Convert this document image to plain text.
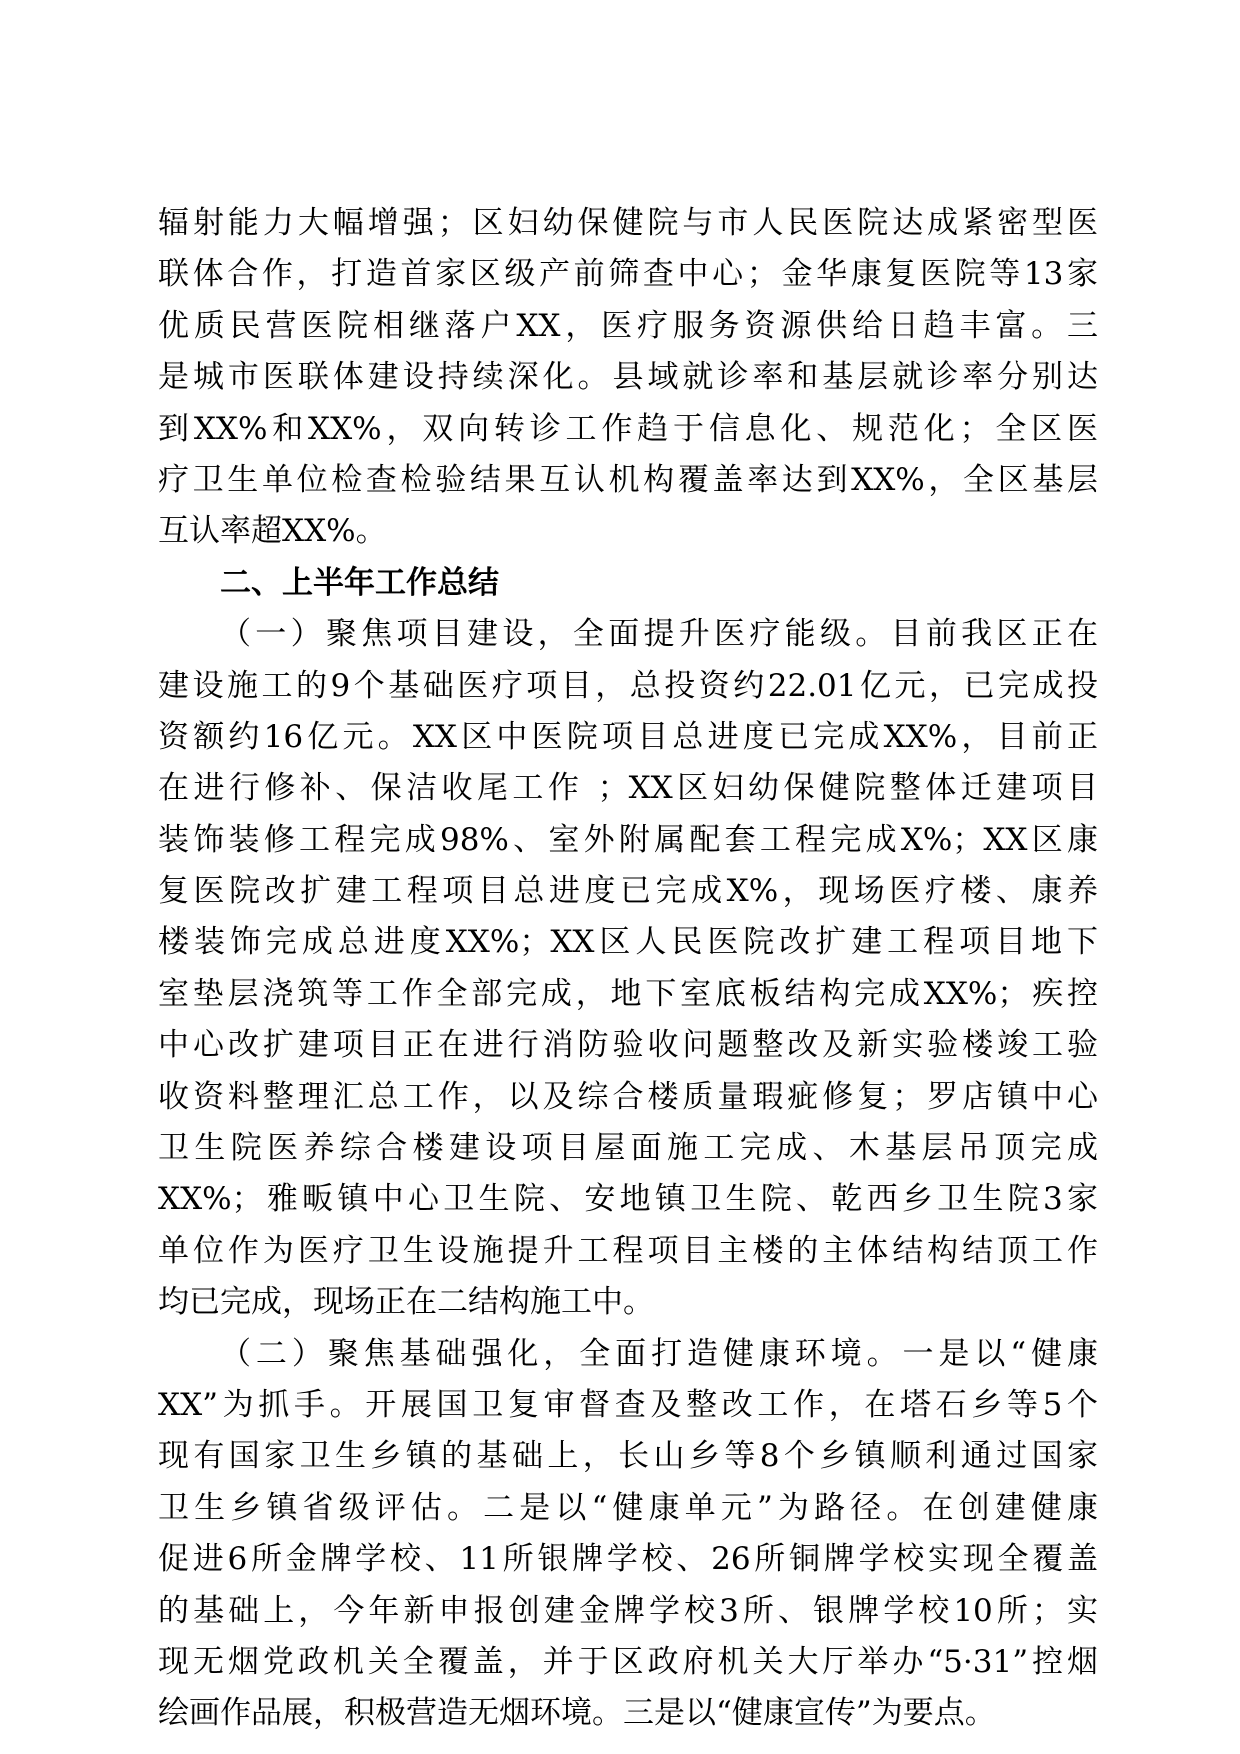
辐射能力大幅增强；区妇幼保健院与市人民医院达成紧密型医
联体合作，打造首家区级产前筛查中心；金华康复医院等13家
优质民营医院相继落户XX，医疗服务资源供给日趋丰富。三
是城市医联体建设持续深化。县域就诊率和基层就诊率分别达
到XX%和XX%，双向转诊工作趋于信息化、规范化；全区医
疗卫生单位检查检验结果互认机构覆盖率达到XX%，全区基层
互认率超XX%。
二、上半年工作总结
（一）聚焦项目建设，全面提升医疗能级。目前我区正在
建设施工的9个基础医疗项目，总投资约22.01亿元，已完成投
资额约16亿元。XX区中医院项目总进度已完成XX%，目前正
在进行修补、保洁收尾工作 ；XX区妇幼保健院整体迁建项目
装饰装修工程完成98%、室外附属配套工程完成X%；XX区康
复医院改扩建工程项目总进度已完成X%，现场医疗楼、康养
楼装饰完成总进度XX%；XX区人民医院改扩建工程项目地下
室垫层浇筑等工作全部完成，地下室底板结构完成XX%；疾控
中心改扩建项目正在进行消防验收问题整改及新实验楼竣工验
收资料整理汇总工作，以及综合楼质量瑕疵修复；罗店镇中心
卫生院医养综合楼建设项目屋面施工完成、木基层吊顶完成
XX%；雅畈镇中心卫生院、安地镇卫生院、乾西乡卫生院3家
单位作为医疗卫生设施提升工程项目主楼的主体结构结顶工作
均已完成，现场正在二结构施工中。
（二）聚焦基础强化，全面打造健康环境。一是以“健康
XX”为抓手。开展国卫复审督查及整改工作，在塔石乡等5个
现有国家卫生乡镇的基础上，长山乡等8个乡镇顺利通过国家
卫生乡镇省级评估。二是以“健康单元”为路径。在创建健康
促进6所金牌学校、11所银牌学校、26所铜牌学校实现全覆盖
的基础上，今年新申报创建金牌学校3所、银牌学校10所；实
现无烟党政机关全覆盖，并于区政府机关大厅举办“5·31”控烟
绘画作品展，积极营造无烟环境。三是以“健康宣传”为要点。
